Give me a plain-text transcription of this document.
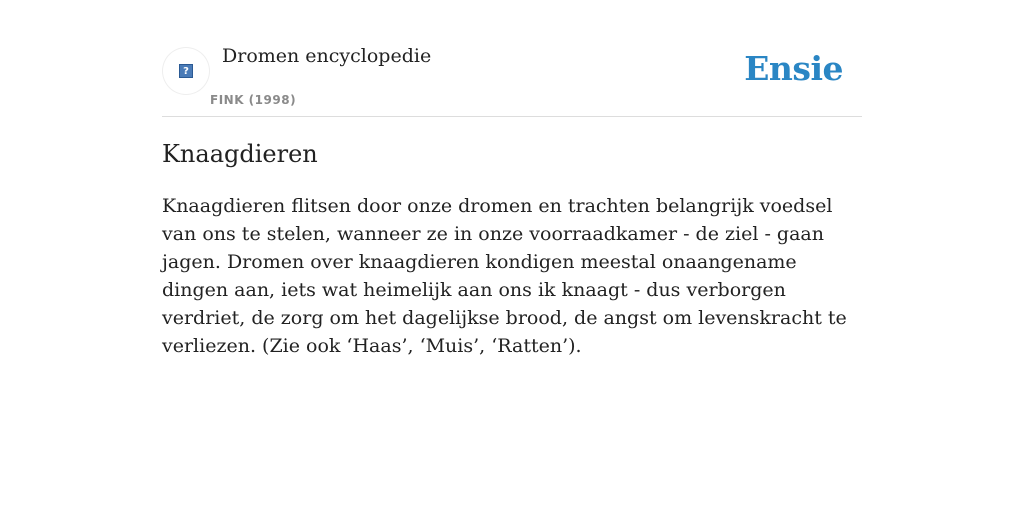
?
Dromen encyclopedie
FINK (1998)
Ensie
Knaagdieren

Knaagdieren flitsen door onze dromen en trachten belangrijk voedsel van ons te stelen, wanneer ze in onze voorraadkamer - de ziel - gaan jagen. Dromen over knaagdieren kondigen meestal onaangename dingen aan, iets wat heimelijk aan ons ik knaagt - dus verborgen verdriet, de zorg om het dagelijkse brood, de angst om levenskracht te verliezen. (Zie ook ‘Haas’, ‘Muis’, ‘Ratten’).
